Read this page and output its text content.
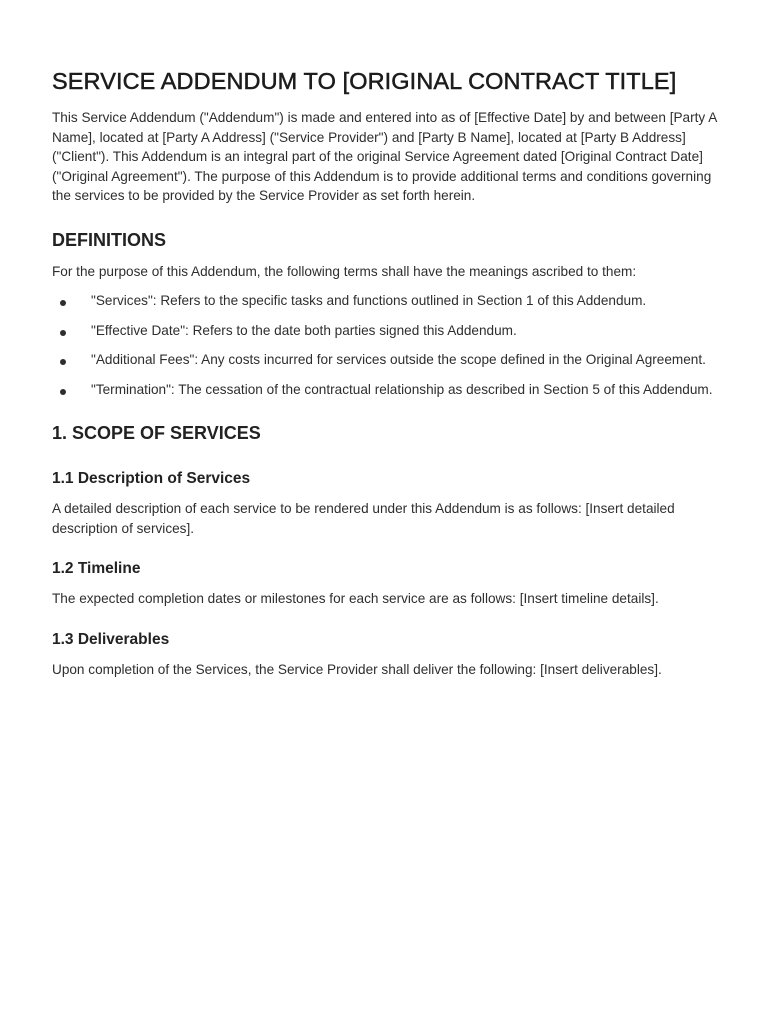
SERVICE ADDENDUM TO [ORIGINAL CONTRACT TITLE]

This Service Addendum ("Addendum") is made and entered into as of [Effective Date] by and between [Party A Name], located at [Party A Address] ("Service Provider") and [Party B Name], located at [Party B Address] ("Client"). This Addendum is an integral part of the original Service Agreement dated [Original Contract Date] ("Original Agreement"). The purpose of this Addendum is to provide additional terms and conditions governing the services to be provided by the Service Provider as set forth herein.

DEFINITIONS

For the purpose of this Addendum, the following terms shall have the meanings ascribed to them:

"Services": Refers to the specific tasks and functions outlined in Section 1 of this Addendum.
"Effective Date": Refers to the date both parties signed this Addendum.
"Additional Fees": Any costs incurred for services outside the scope defined in the Original Agreement.
"Termination": The cessation of the contractual relationship as described in Section 5 of this Addendum.
1. SCOPE OF SERVICES
1.1 Description of Services

A detailed description of each service to be rendered under this Addendum is as follows: [Insert detailed description of services].

1.2 Timeline

The expected completion dates or milestones for each service are as follows: [Insert timeline details].

1.3 Deliverables

Upon completion of the Services, the Service Provider shall deliver the following: [Insert deliverables].
